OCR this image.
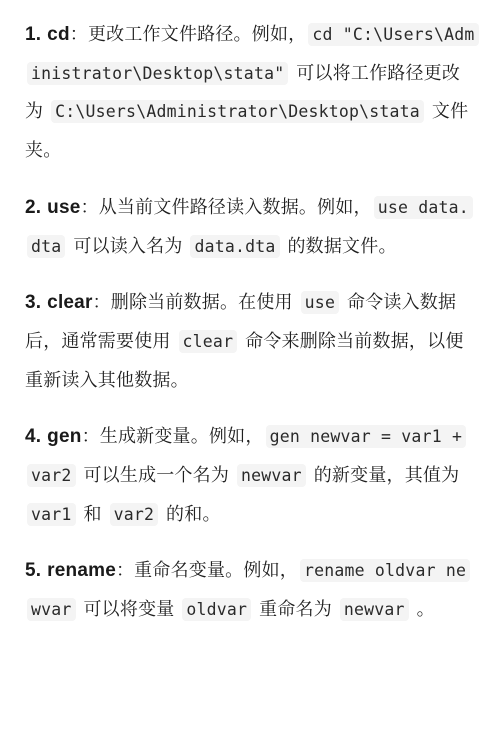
1. cd：更改工作文件路径。例如， cd "C:\Users\Administrator\Desktop\stata" 可以将工作路径更改为 C:\Users\Administrator\Desktop\stata 文件夹。

2. use：从当前文件路径读入数据。例如， use data.dta 可以读入名为 data.dta 的数据文件。

3. clear：删除当前数据。在使用 use 命令读入数据后，通常需要使用 clear 命令来删除当前数据，以便重新读入其他数据。

4. gen：生成新变量。例如， gen newvar = var1 + var2 可以生成一个名为 newvar 的新变量，其值为 var1 和 var2 的和。

5. rename：重命名变量。例如， rename oldvar newvar 可以将变量 oldvar 重命名为 newvar 。
